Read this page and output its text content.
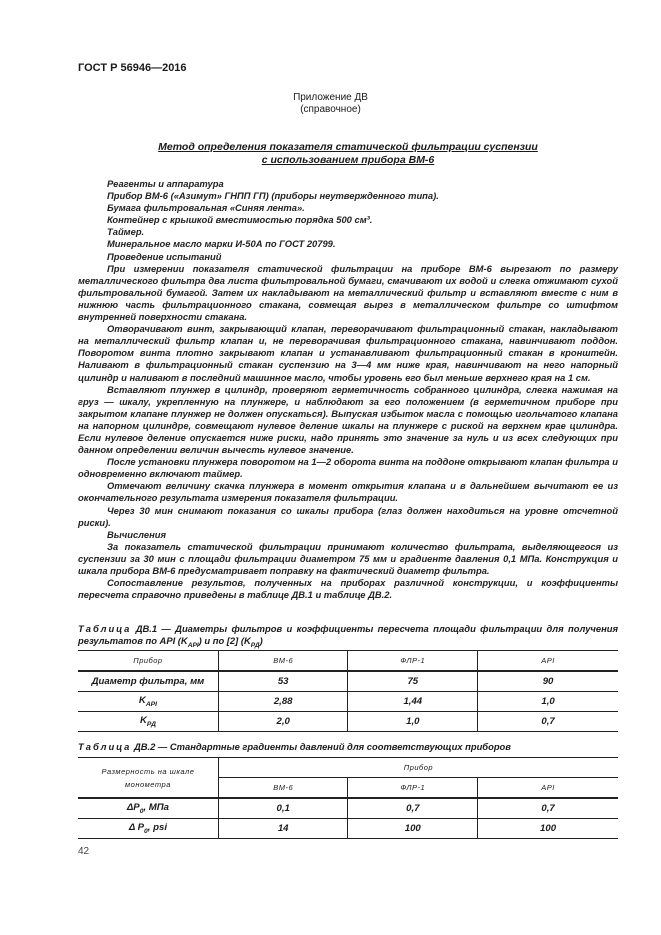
ГОСТ Р 56946—2016
Приложение ДВ
(справочное)
Метод определения показателя статической фильтрации суспензии
с использованием прибора ВМ-6

Реагенты и аппаратура

Прибор ВМ-6 («Азимут» ГНПП ГП) (приборы неутвержденного типа).

Бумага фильтровальная «Синяя лента».

Контейнер с крышкой вместимостью порядка 500 см³.

Таймер.

Минеральное масло марки И-50А по ГОСТ 20799.

Проведение испытаний

При измерении показателя статической фильтрации на приборе ВМ-6 вырезают по размеру металлического фильтра два листа фильтровальной бумаги, смачивают их водой и слегка отжимают сухой фильтровальной бумагой. Затем их накладывают на металлический фильтр и вставляют вместе с ним в нижнюю часть фильтрационного стакана, совмещая вырез в металлическом фильтре со штифтом внутренней поверхности стакана.

Отворачивают винт, закрывающий клапан, переворачивают фильтрационный стакан, накладывают на металлический фильтр клапан и, не переворачивая фильтрационного стакана, навинчивают поддон. Поворотом винта плотно закрывают клапан и устанавливают фильтрационный стакан в кронштейн. Наливают в фильтрационный стакан суспензию на 3—4 мм ниже края, навинчивают на него напорный цилиндр и наливают в последний машинное масло, чтобы уровень его был меньше верхнего края на 1 см.

Вставляют плунжер в цилиндр, проверяют герметичность собранного цилиндра, слегка нажимая на груз — шкалу, укрепленную на плунжере, и наблюдают за его положением (в герметичном приборе при закрытом клапане плунжер не должен опускаться). Выпуская избыток масла с помощью игольчатого клапана на напорном цилиндре, совмещают нулевое деление шкалы на плунжере с риской на верхнем крае цилиндра. Если нулевое деление опускается ниже риски, надо принять это значение за нуль и из всех следующих при данном определении величин вычесть нулевое значение.

После установки плунжера поворотом на 1—2 оборота винта на поддоне открывают клапан фильтра и одновременно включают таймер.

Отмечают величину скачка плунжера в момент открытия клапана и в дальнейшем вычитают ее из окончательного результата измерения показателя фильтрации.

Через 30 мин снимают показания со шкалы прибора (глаз должен находиться на уровне отсчетной риски).

Вычисления

За показатель статической фильтрации принимают количество фильтрата, выделяющегося из суспензии за 30 мин с площади фильтрации диаметром 75 мм и градиенте давления 0,1 МПа. Конструкция и шкала прибора ВМ-6 предусматривает поправку на фактический диаметр фильтра.

Сопоставление результов, полученных на приборах различной конструкции, и коэффициенты пересчета справочно приведены в таблице ДВ.1 и таблице ДВ.2.

Таблица ДВ.1 — Диаметры фильтров и коэффициенты пересчета площади фильтрации для получения результатов по API $(K_{API})$ и по [2] $(K_{РД})$
Прибор	ВМ-6	ФЛР-1	API
Диаметр фильтра, мм	53	75	90
$K_{API}$	2,88	1,44	1,0
$K_{РД}$	2,0	1,0	0,7
Таблица ДВ.2 — Стандартные градиенты давлений для соответствующих приборов
Размерность на шкале монометра	Прибор		
	ВМ-6	ФЛР-1	API
$\Delta P_0$, МПа	0,1	0,7	0,7
Δ $P_0$, psi	14	100	100
42
